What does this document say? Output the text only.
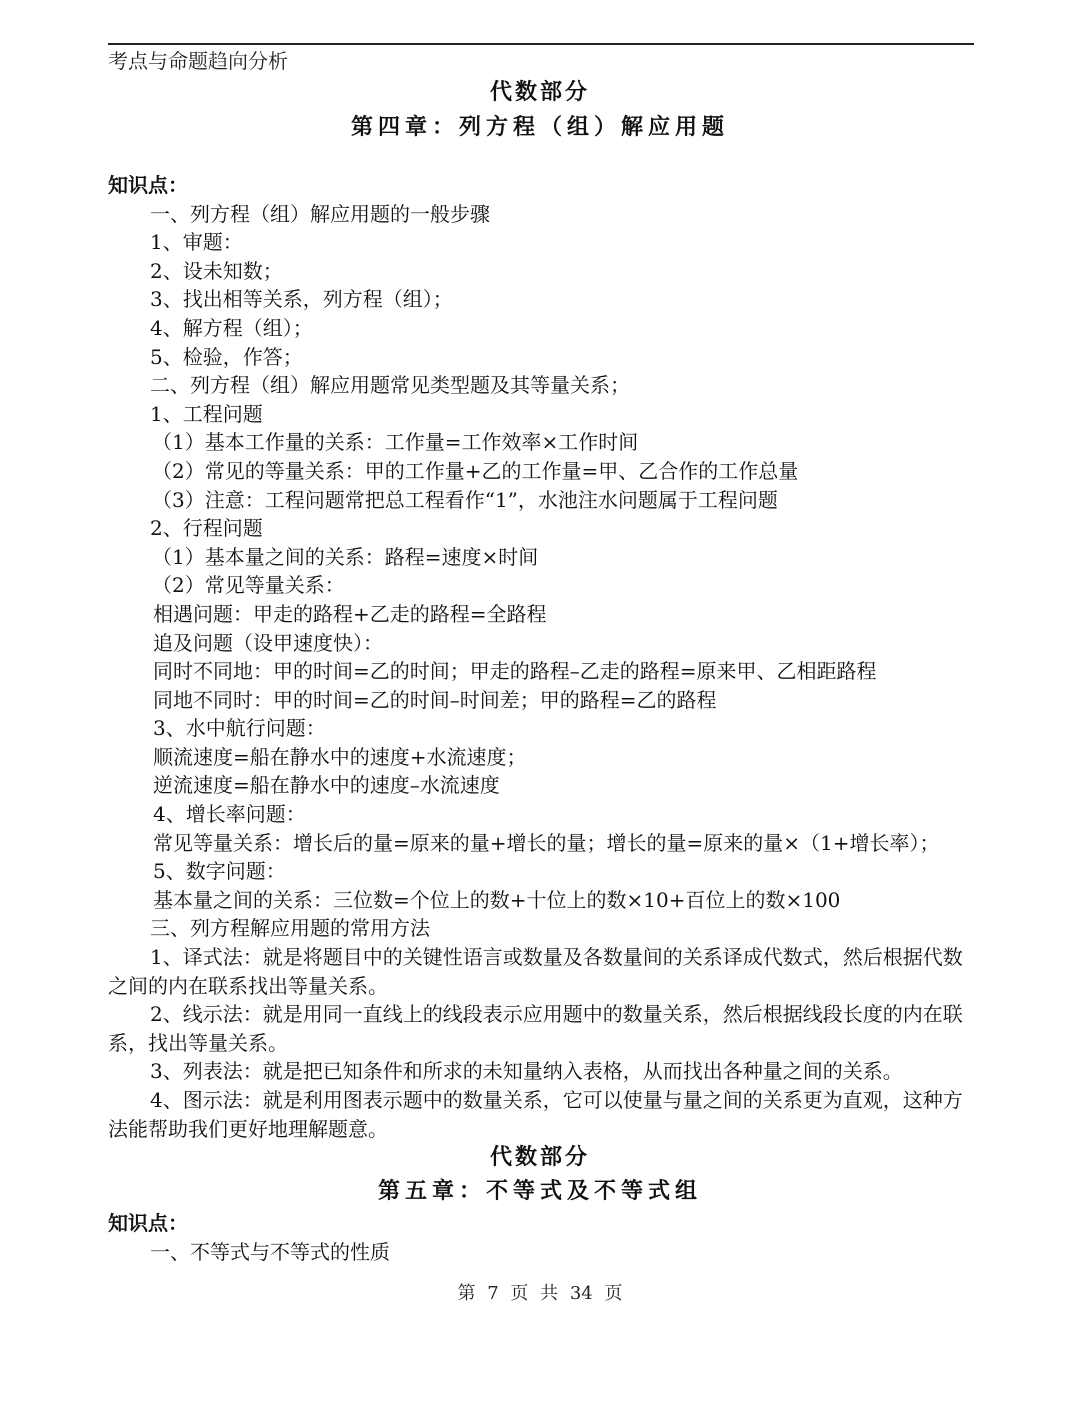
考点与命题趋向分析
代数部分
第四章：列方程（组）解应用题

知识点：

一、列方程（组）解应用题的一般步骤

1、审题：

2、设未知数；

3、找出相等关系，列方程（组）；

4、解方程（组）；

5、检验，作答；

二、列方程（组）解应用题常见类型题及其等量关系；

1、工程问题

（1）基本工作量的关系：工作量=工作效率×工作时间

（2）常见的等量关系：甲的工作量+乙的工作量=甲、乙合作的工作总量

（3）注意：工程问题常把总工程看作“1”，水池注水问题属于工程问题

2、行程问题

（1）基本量之间的关系：路程=速度×时间

（2）常见等量关系：

相遇问题：甲走的路程+乙走的路程=全路程

追及问题（设甲速度快）：

同时不同地：甲的时间=乙的时间；甲走的路程–乙走的路程=原来甲、乙相距路程

同地不同时：甲的时间=乙的时间–时间差；甲的路程=乙的路程

3、水中航行问题：

顺流速度=船在静水中的速度+水流速度；

逆流速度=船在静水中的速度–水流速度

4、增长率问题：

常见等量关系：增长后的量=原来的量+增长的量；增长的量=原来的量×（1+增长率）；

5、数字问题：

基本量之间的关系：三位数=个位上的数+十位上的数×10+百位上的数×100

三、列方程解应用题的常用方法

1、译式法：就是将题目中的关键性语言或数量及各数量间的关系译成代数式，然后根据代数之间的内在联系找出等量关系。

2、线示法：就是用同一直线上的线段表示应用题中的数量关系，然后根据线段长度的内在联系，找出等量关系。

3、列表法：就是把已知条件和所求的未知量纳入表格，从而找出各种量之间的关系。

4、图示法：就是利用图表示题中的数量关系，它可以使量与量之间的关系更为直观，这种方法能帮助我们更好地理解题意。

代数部分
第五章：不等式及不等式组

知识点：

一、不等式与不等式的性质

第 7 页 共 34 页
